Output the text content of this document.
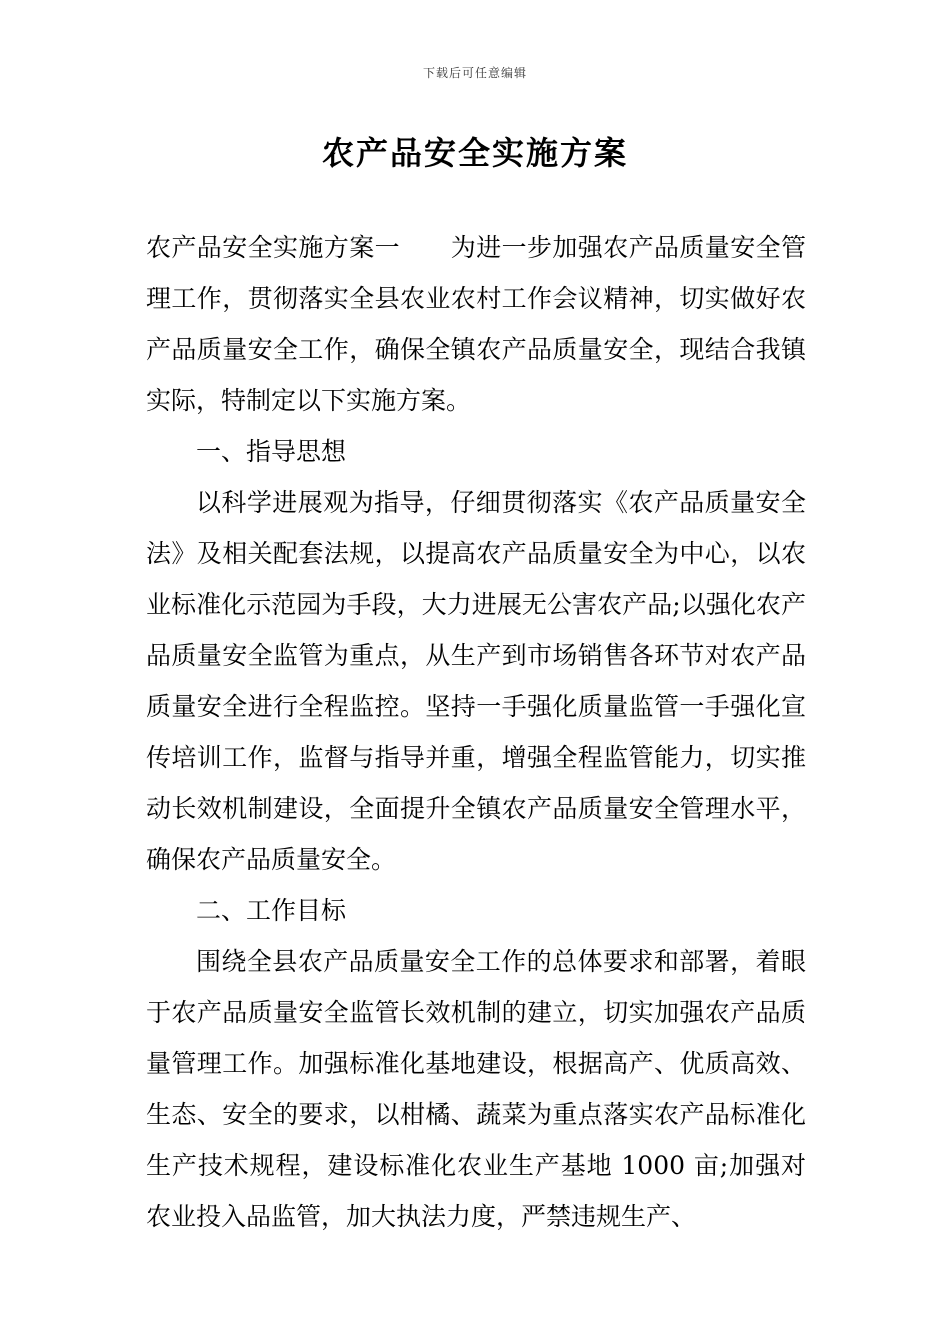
下载后可任意编辑
农产品安全实施方案

农产品安全实施方案一　　为进一步加强农产品质量安全管理工作，贯彻落实全县农业农村工作会议精神，切实做好农产品质量安全工作，确保全镇农产品质量安全，现结合我镇实际，特制定以下实施方案。

一、指导思想

以科学进展观为指导，仔细贯彻落实《农产品质量安全法》及相关配套法规，以提高农产品质量安全为中心，以农业标准化示范园为手段，大力进展无公害农产品;以强化农产品质量安全监管为重点，从生产到市场销售各环节对农产品质量安全进行全程监控。坚持一手强化质量监管一手强化宣传培训工作，监督与指导并重，增强全程监管能力，切实推动长效机制建设，全面提升全镇农产品质量安全管理水平，确保农产品质量安全。

二、工作目标

围绕全县农产品质量安全工作的总体要求和部署，着眼于农产品质量安全监管长效机制的建立，切实加强农产品质量管理工作。加强标准化基地建设，根据高产、优质高效、生态、安全的要求，以柑橘、蔬菜为重点落实农产品标准化生产技术规程，建设标准化农业生产基地 1000 亩;加强对农业投入品监管，加大执法力度，严禁违规生产、
